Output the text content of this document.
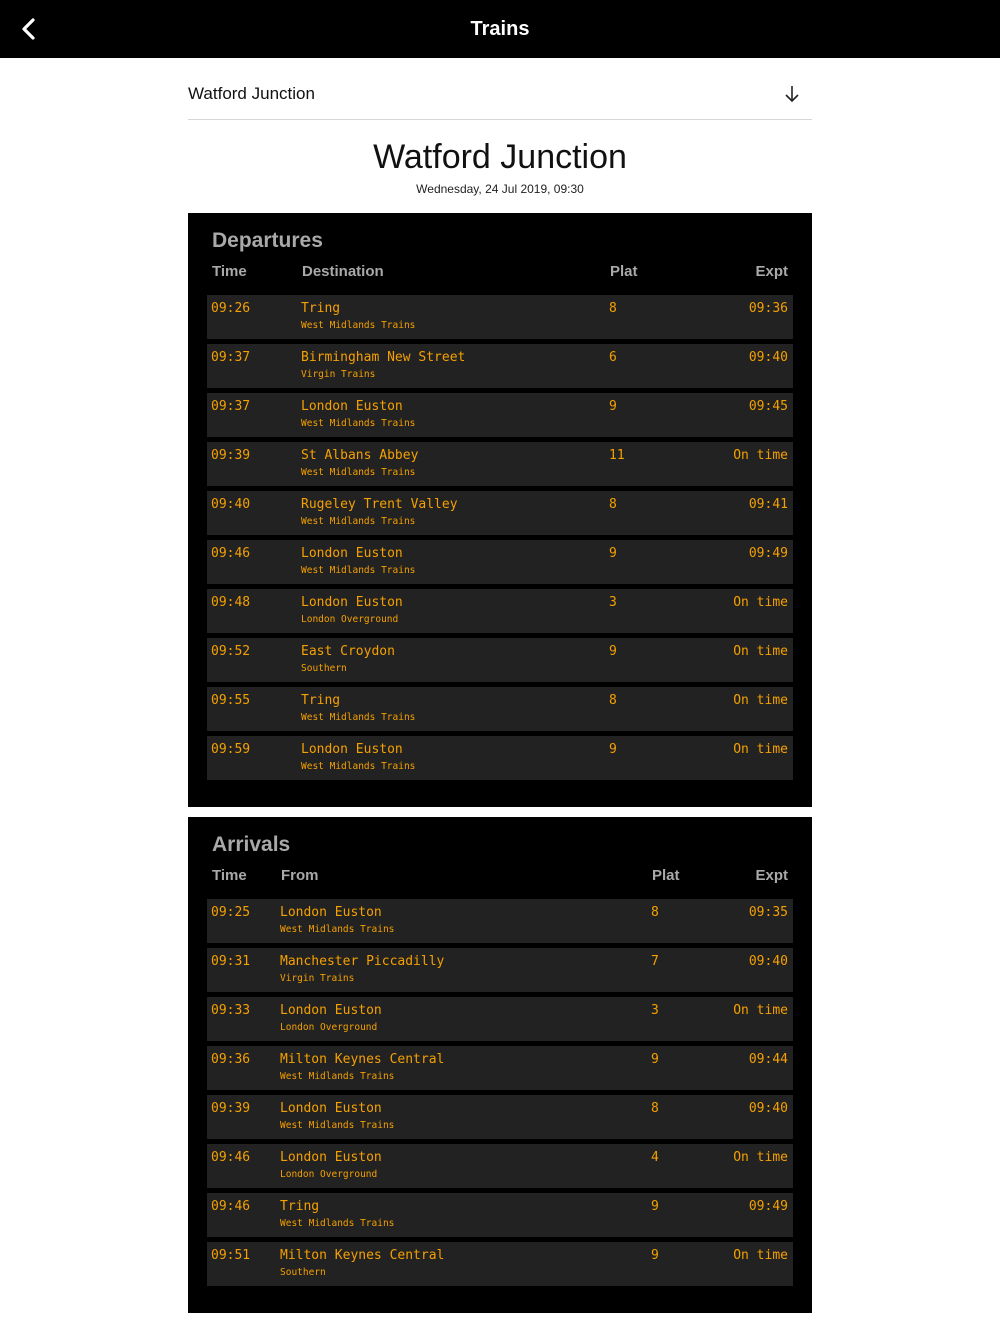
Trains
Watford Junction
Watford Junction
Wednesday, 24 Jul 2019, 09:30
Departures
Time	Destination	Plat	Expt
09:26	Tring
West Midlands Trains
8	09:36
09:37	Birmingham New Street
Virgin Trains
6	09:40
09:37	London Euston
West Midlands Trains
9	09:45
09:39	St Albans Abbey
West Midlands Trains
11	On time
09:40	Rugeley Trent Valley
West Midlands Trains
8	09:41
09:46	London Euston
West Midlands Trains
9	09:49
09:48	London Euston
London Overground
3	On time
09:52	East Croydon
Southern
9	On time
09:55	Tring
West Midlands Trains
8	On time
09:59	London Euston
West Midlands Trains
9	On time
Arrivals
Time From	Plat	Expt
09:25 London Euston
West Midlands Trains
8	09:35
09:31 Manchester Piccadilly
Virgin Trains
7	09:40
09:33 London Euston
London Overground
3	On time
09:36 Milton Keynes Central
West Midlands Trains
9	09:44
09:39 London Euston
West Midlands Trains
8	09:40
09:46 London Euston
London Overground
4	On time
09:46 Tring
West Midlands Trains
9	09:49
09:51 Milton Keynes Central
Southern
9	On time
